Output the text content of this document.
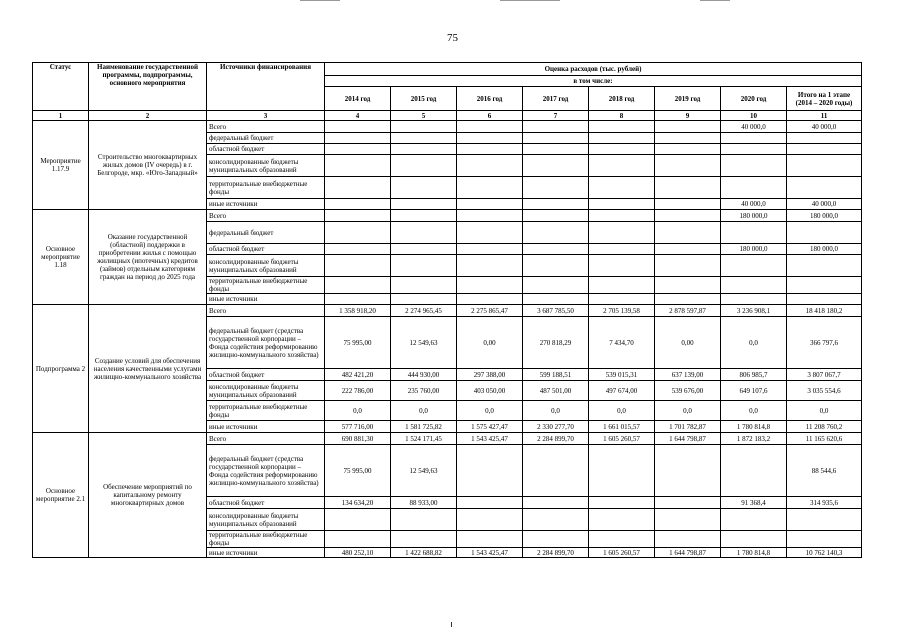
75
Статус	Наименование государственной программы, подпрограммы, основного мероприятия	Источники финансирования	Оценка расходов (тыс. рублей)							
			в том числе:							
			2014 год	2015 год	2016 год	2017 год	2018 год	2019 год	2020 год	Итого на 1 этапе (2014 – 2020 годы)
1	2	3	4	5	6	7	8	9	10	11
Мероприятие 1.17.9	Строительство многоквартирных жилых домов (IV очередь) в г. Белгороде, мкр. «Юго-Западный»	Всего							40 000,0	40 000,0
		федеральный бюджет								
		областной бюджет								
		консолидированные бюджеты муниципальных образований								
		территориальные внебюджетные фонды								
		иные источники							40 000,0	40 000,0
Основное мероприятие 1.18	Оказание государственной (областной) поддержки в приобретении жилья с помощью жилищных (ипотечных) кредитов (займов) отдельным категориям граждан на период до 2025 года	Всего							180 000,0	180 000,0
		федеральный бюджет								
		областной бюджет							180 000,0	180 000,0
		консолидированные бюджеты муниципальных образований								
		территориальные внебюджетные фонды								
		иные источники								
Подпрограмма 2	Создание условий для обеспечения населения качественными услугами жилищно-коммунального хозяйства	Всего	1 358 918,20	2 274 965,45	2 275 865,47	3 687 785,50	2 705 139,58	2 878 597,87	3 236 908,1	18 418 180,2
		федеральный бюджет (средства государственной корпорации – Фонда содействия реформированию жилищно-коммунального хозяйства)	75 995,00	12 549,63	0,00	270 818,29	7 434,70	0,00	0,0	366 797,6
		областной бюджет	482 421,20	444 930,00	297 388,00	599 188,51	539 015,31	637 139,00	806 985,7	3 807 067,7
		консолидированные бюджеты муниципальных образований	222 786,00	235 760,00	403 050,00	487 501,00	497 674,00	539 676,00	649 107,6	3 035 554,6
		территориальные внебюджетные фонды	0,0	0,0	0,0	0,0	0,0	0,0	0,0	0,0
		иные источники	577 716,00	1 581 725,82	1 575 427,47	2 330 277,70	1 661 015,57	1 701 782,87	1 780 814,8	11 208 760,2
Основное мероприятие 2.1	Обеспечение мероприятий по капитальному ремонту многоквартирных домов	Всего	690 881,30	1 524 171,45	1 543 425,47	2 284 899,70	1 605 260,57	1 644 798,87	1 872 183,2	11 165 620,6
		федеральный бюджет (средства государственной корпорации – Фонда содействия реформированию жилищно-коммунального хозяйства)	75 995,00	12 549,63						88 544,6
		областной бюджет	134 634,20	88 933,00					91 368,4	314 935,6
		консолидированные бюджеты муниципальных образований								
		территориальные внебюджетные фонды								
		иные источники	480 252,10	1 422 688,82	1 543 425,47	2 284 899,70	1 605 260,57	1 644 798,87	1 780 814,8	10 762 140,3
